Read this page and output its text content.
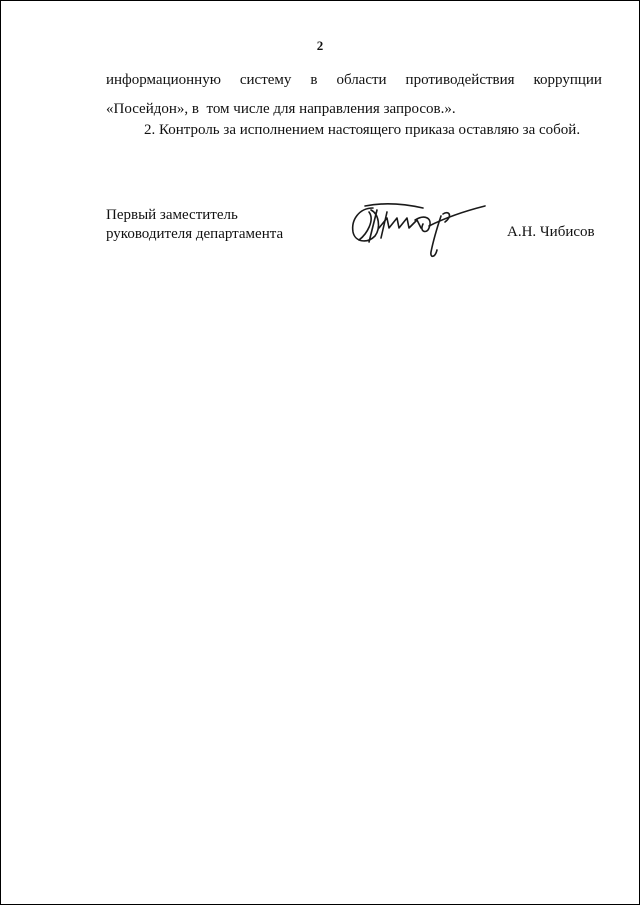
2
информационную систему в области противодействия коррупции
«Посейдон», в  том числе для направления запросов.».
2. Контроль за исполнением настоящего приказа оставляю за собой.
Первый заместитель
руководителя департамента	А.Н. Чибисов
